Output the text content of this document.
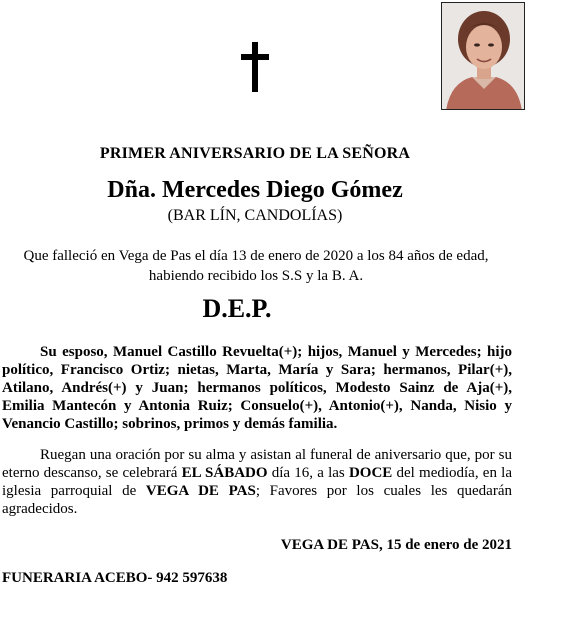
PRIMER ANIVERSARIO DE LA SEÑORA
Dña. Mercedes Diego Gómez
(BAR LÍN, CANDOLÍAS)
Que falleció en Vega de Pas el día 13 de enero de 2020 a los 84 años de edad,
habiendo recibido los S.S y la B. A.
D.E.P.

Su esposo, Manuel Castillo Revuelta(+); hijos, Manuel y Mercedes; hijo político, Francisco Ortiz; nietas, Marta, María y Sara; hermanos, Pilar(+), Atilano, Andrés(+) y Juan; hermanos políticos, Modesto Sainz de Aja(+), Emilia Mantecón y Antonia Ruiz; Consuelo(+), Antonio(+), Nanda, Nisio y Venancio Castillo; sobrinos, primos y demás familia.

Ruegan una oración por su alma y asistan al funeral de aniversario que, por su eterno descanso, se celebrará EL SÁBADO día 16, a las DOCE del mediodía, en la iglesia parroquial de VEGA DE PAS; Favores por los cuales les quedarán agradecidos.

VEGA DE PAS, 15 de enero de 2021
FUNERARIA ACEBO- 942 597638
